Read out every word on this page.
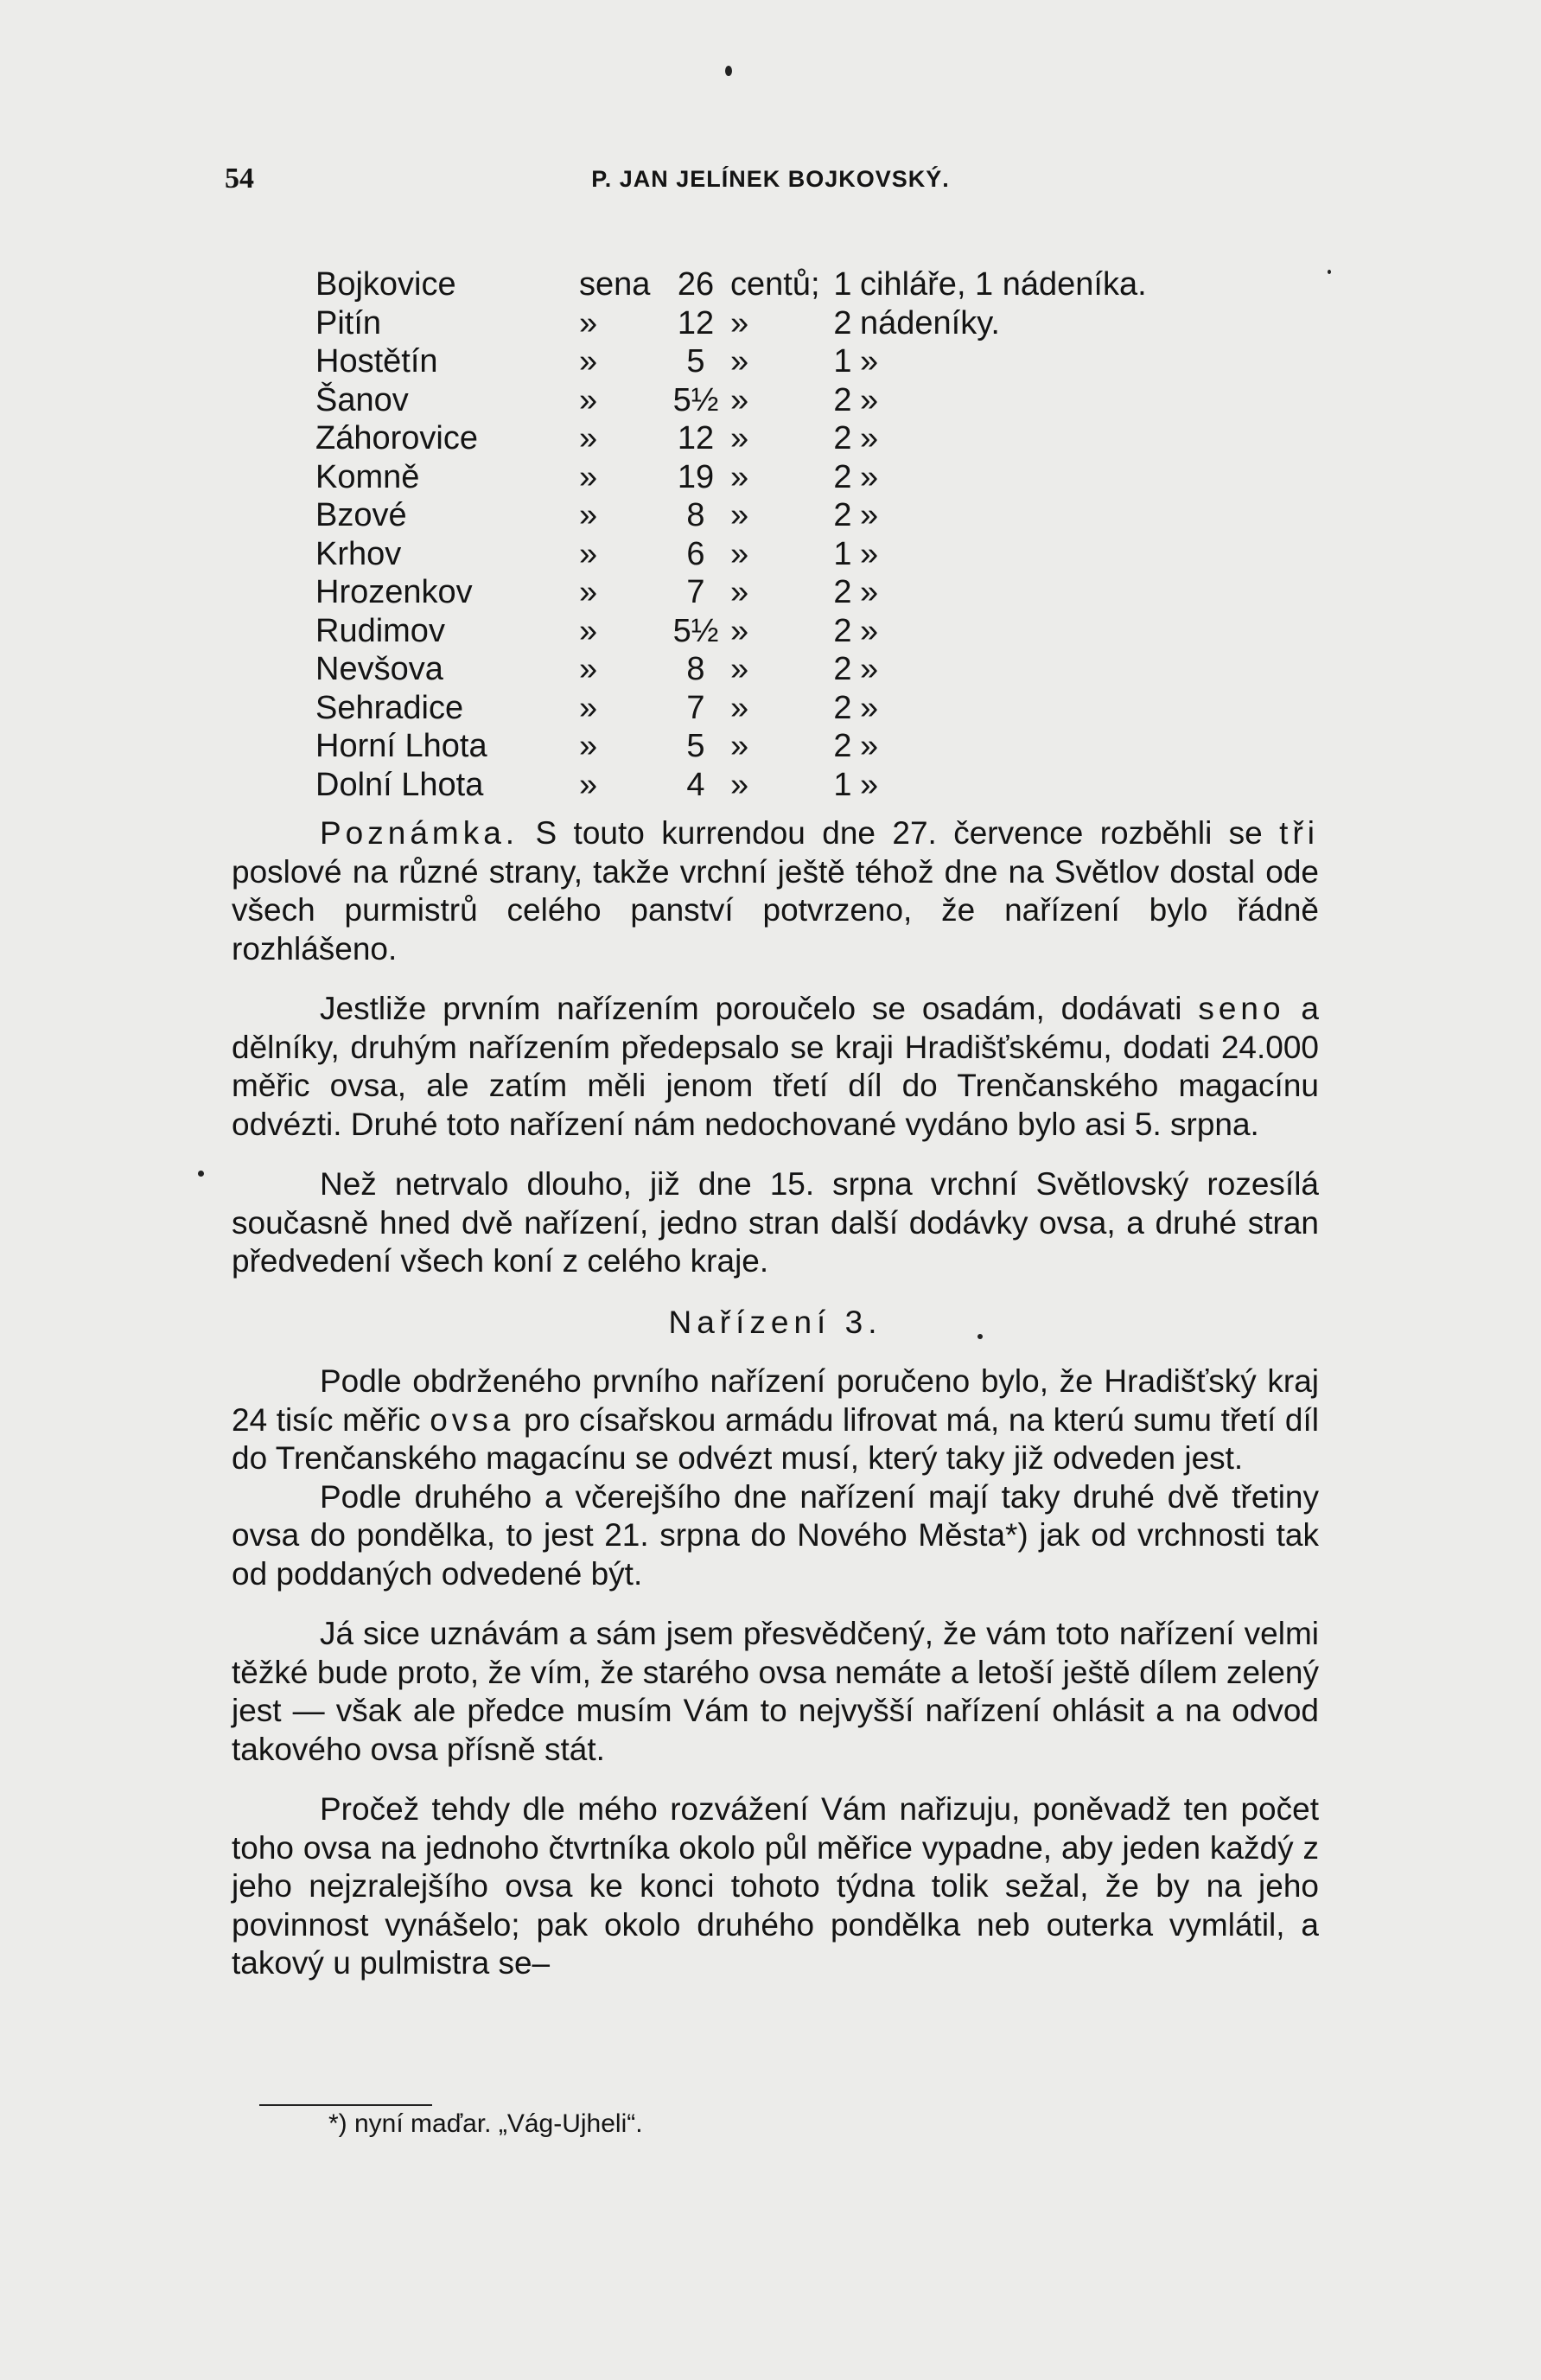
54	P. JAN JELÍNEK BOJKOVSKÝ.
Bojkovice	sena	26	centů;	1	cihláře, 1 nádeníka.
Pitín	»	12	»	2	nádeníky.
Hostětín	»	5	»	1	»
Šanov	»	5½	»	2	»
Záhorovice	»	12	»	2	»
Komně	»	19	»	2	»
Bzové	»	8	»	2	»
Krhov	»	6	»	1	»
Hrozenkov	»	7	»	2	»
Rudimov	»	5½	»	2	»
Nevšova	»	8	»	2	»
Sehradice	»	7	»	2	»
Horní Lhota	»	5	»	2	»
Dolní Lhota	»	4	»	1	»

Poznámka. S touto kurrendou dne 27. července rozběhli se tři poslové na různé strany, takže vrchní ještě téhož dne na Světlov dostal ode všech purmistrů celého panství potvrzeno, že nařízení bylo řádně rozhlášeno.

Jestliže prvním nařízením poroučelo se osadám, dodávati seno a dělníky, druhým nařízením předepsalo se kraji Hradišťskému, dodati 24.000 měřic ovsa, ale zatím měli jenom třetí díl do Trenčanského magacínu odvézti. Druhé toto nařízení nám nedochované vydáno bylo asi 5. srpna.

Než netrvalo dlouho, již dne 15. srpna vrchní Světlovský rozesílá současně hned dvě nařízení, jedno stran další dodávky ovsa, a druhé stran předvedení všech koní z celého kraje.

Nařízení 3.

Podle obdrženého prvního nařízení poručeno bylo, že Hradišťský kraj 24 tisíc měřic ovsa pro císařskou armádu lifrovat má, na kterú sumu třetí díl do Trenčanského magacínu se odvézt musí, který taky již odveden jest.

Podle druhého a včerejšího dne nařízení mají taky druhé dvě třetiny ovsa do pondělka, to jest 21. srpna do Nového Města*) jak od vrchnosti tak od poddaných odvedené být.

Já sice uznávám a sám jsem přesvědčený, že vám toto nařízení velmi těžké bude proto, že vím, že starého ovsa nemáte a letoší ještě dílem zelený jest — však ale předce musím Vám to nejvyšší nařízení ohlásit a na odvod takového ovsa přísně stát.

Pročež tehdy dle mého rozvážení Vám nařizuju, poněvadž ten počet toho ovsa na jednoho čtvrtníka okolo půl měřice vypadne, aby jeden každý z jeho nejzralejšího ovsa ke konci tohoto týdna tolik sežal, že by na jeho povinnost vynášelo; pak okolo druhého pondělka neb outerka vymlátil, a takový u pulmistra se–

*) nyní maďar. „Vág-Ujheli“.
